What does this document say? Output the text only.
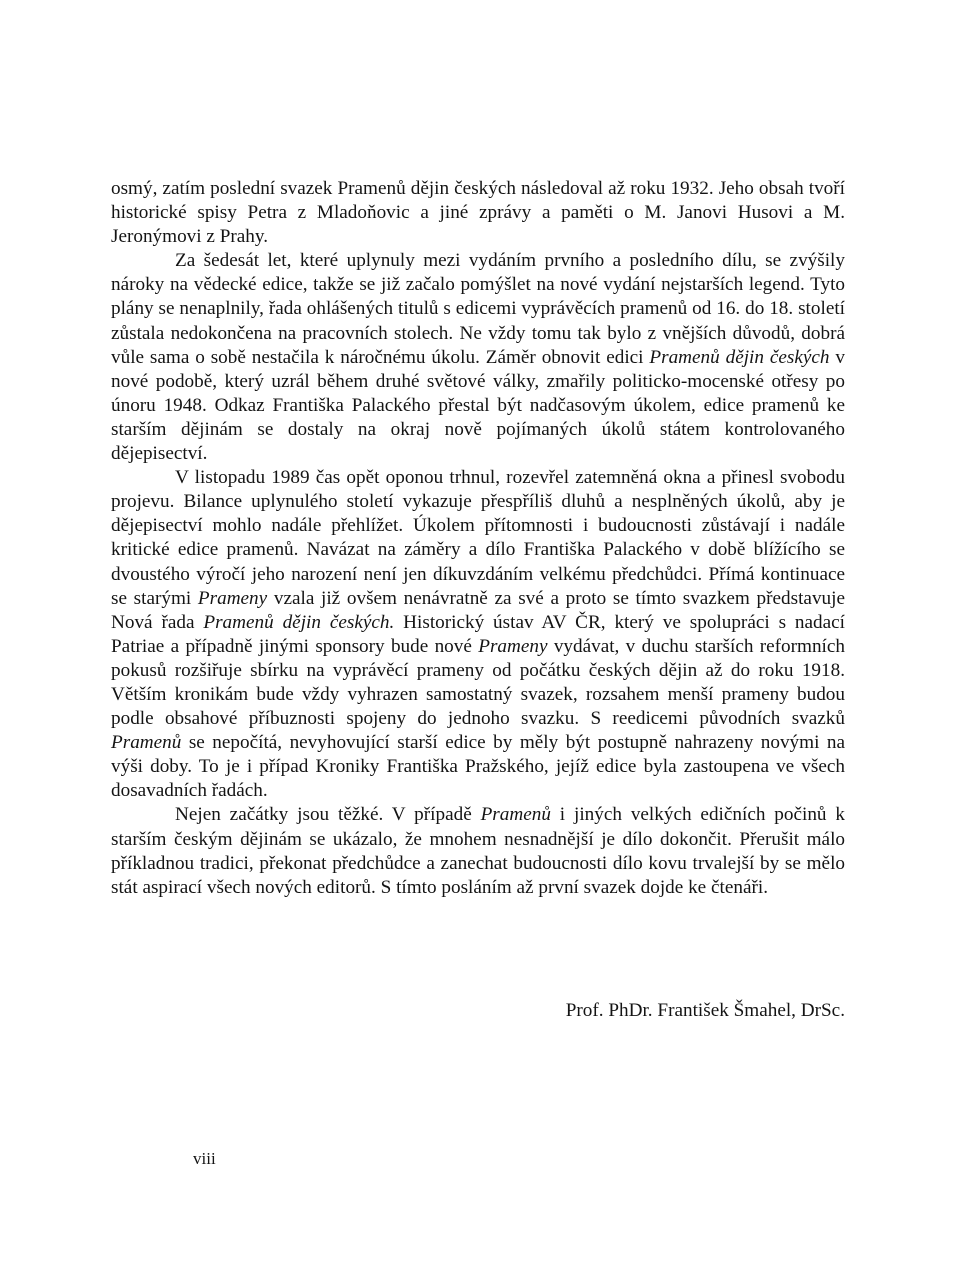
osmý, zatím poslední svazek Pramenů dějin českých následoval až roku 1932. Jeho obsah tvoří historické spisy Petra z Mladoňovic a jiné zprávy a paměti o M. Janovi Husovi a M. Jeronýmovi z Prahy.

Za šedesát let, které uplynuly mezi vydáním prvního a posledního dílu, se zvýšily nároky na vědecké edice, takže se již začalo pomýšlet na nové vydání nejstarších legend. Tyto plány se nenaplnily, řada ohlášených titulů s edicemi vyprávěcích pramenů od 16. do 18. století zůstala nedokončena na pracovních stolech. Ne vždy tomu tak bylo z vnějších důvodů, dobrá vůle sama o sobě nestačila k náročnému úkolu. Záměr obnovit edici Pramenů dějin českých v nové podobě, který uzrál během druhé světové války, zmařily politicko-mocenské otřesy po únoru 1948. Odkaz Františka Palackého přestal být nadčasovým úkolem, edice pramenů ke starším dějinám se dostaly na okraj nově pojímaných úkolů státem kontrolovaného dějepisectví.

V listopadu 1989 čas opět oponou trhnul, rozevřel zatemněná okna a přinesl svobodu projevu. Bilance uplynulého století vykazuje přespříliš dluhů a nesplněných úkolů, aby je dějepisectví mohlo nadále přehlížet. Úkolem přítomnosti i budoucnosti zůstávají i nadále kritické edice pramenů. Navázat na záměry a dílo Františka Palackého v době blížícího se dvoustého výročí jeho narození není jen díkuvzdáním velkému předchůdci. Přímá kontinuace se starými Prameny vzala již ovšem nenávratně za své a proto se tímto svazkem představuje Nová řada Pramenů dějin českých. Historický ústav AV ČR, který ve spolupráci s nadací Patriae a případně jinými sponsory bude nové Prameny vydávat, v duchu starších reformních pokusů rozšiřuje sbírku na vyprávěcí prameny od počátku českých dějin až do roku 1918. Větším kronikám bude vždy vyhrazen samostatný svazek, rozsahem menší prameny budou podle obsahové příbuznosti spojeny do jednoho svazku. S reedicemi původních svazků Pramenů se nepočítá, nevyhovující starší edice by měly být postupně nahrazeny novými na výši doby. To je i případ Kroniky Františka Pražského, jejíž edice byla zastoupena ve všech dosavadních řadách.

Nejen začátky jsou těžké. V případě Pramenů i jiných velkých edičních počinů k starším českým dějinám se ukázalo, že mnohem nesnadnější je dílo dokončit. Přerušit málo příkladnou tradici, překonat předchůdce a zanechat budoucnosti dílo kovu trvalejší by se mělo stát aspirací všech nových editorů. S tímto posláním až první svazek dojde ke čtenáři.

Prof. PhDr. František Šmahel, DrSc.
viii
